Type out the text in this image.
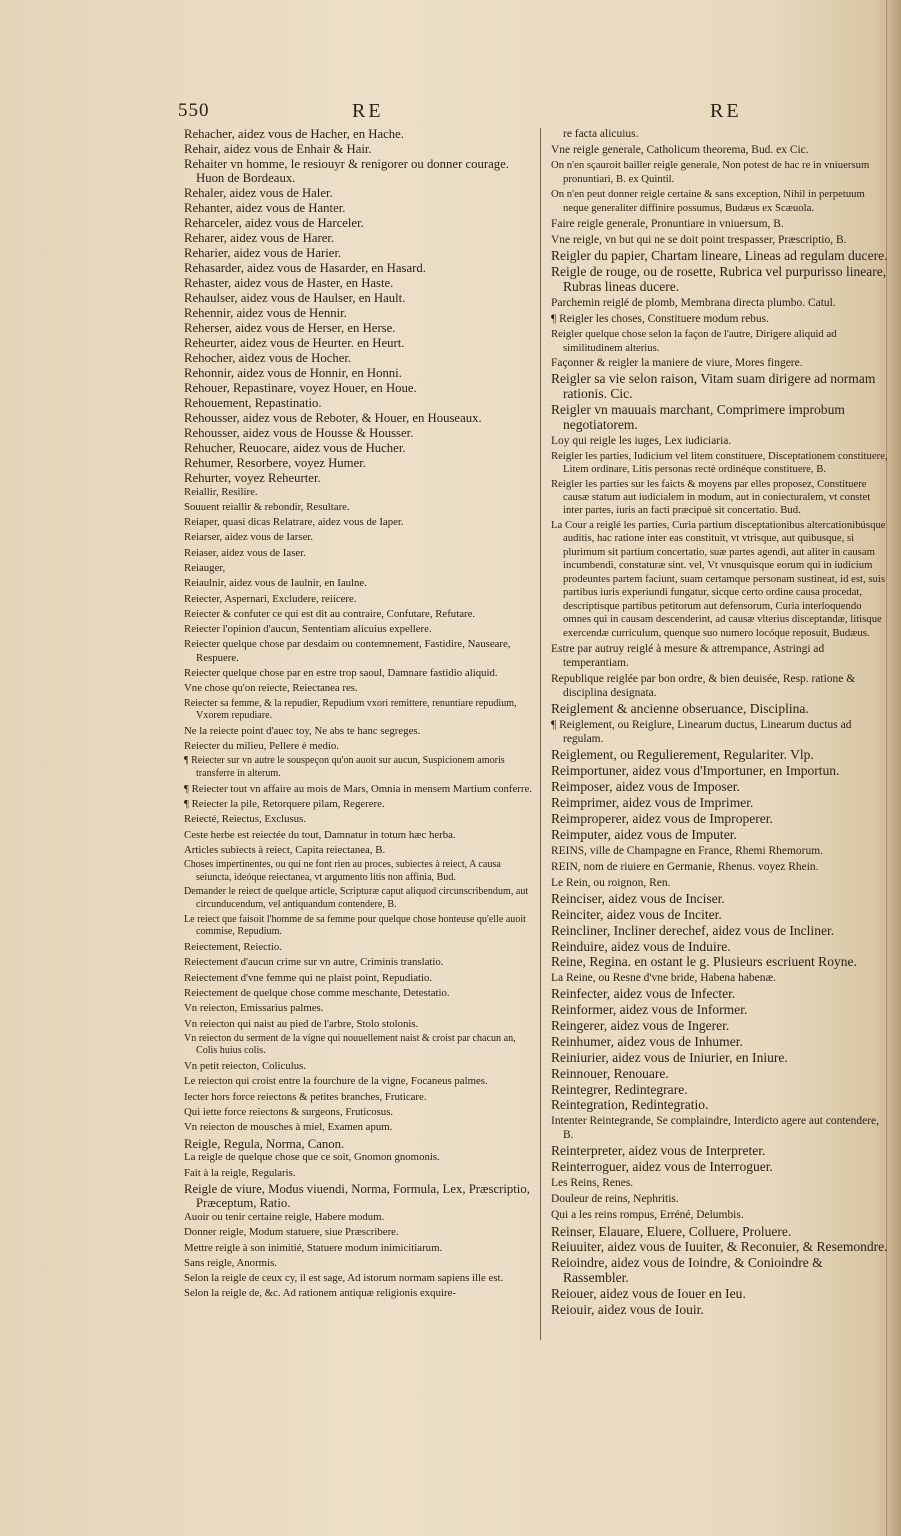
550	RE	RE
Rehacher, aidez vous de Hacher, en Hache.
Rehair, aidez vous de Enhair & Hair.
Rehaiter vn homme, le resiouyr & renigorer ou donner courage. Huon de Bordeaux.
Rehaler, aidez vous de Haler.
Rehanter, aidez vous de Hanter.
Reharceler, aidez vous de Harceler.
Reharer, aidez vous de Harer.
Reharier, aidez vous de Harier.
Rehasarder, aidez vous de Hasarder, en Hasard.
Rehaster, aidez vous de Haster, en Haste.
Rehaulser, aidez vous de Haulser, en Hault.
Rehennir, aidez vous de Hennir.
Reherser, aidez vous de Herser, en Herse.
Reheurter, aidez vous de Heurter. en Heurt.
Rehocher, aidez vous de Hocher.
Rehonnir, aidez vous de Honnir, en Honni.
Rehouer, Repastinare, voyez Houer, en Houe.
Rehouement, Repastinatio.
Rehousser, aidez vous de Reboter, & Houer, en Houseaux.
Rehousser, aidez vous de Housse & Housser.
Rehucher, Reuocare, aidez vous de Hucher.
Rehumer, Resorbere, voyez Humer.
Rehurter, voyez Reheurter.
Reiallir, Resilire.
Souuent reiallir & rebondir, Resultare.
Reiaper, quasi dicas Relatrare, aidez vous de Iaper.
Reiarser, aidez vous de Iarser.
Reiaser, aidez vous de Iaser.
Reiauger,
Reiaulnir, aidez vous de Iaulnir, en Iaulne.
Reiecter, Aspernari, Excludere, reiicere.
Reiecter & confuter ce qui est dit au contraire, Confutare, Refutare.
Reiecter l'opinion d'aucun, Sententiam alicuius expellere.
Reiecter quelque chose par desdaim ou contemnement, Fastidire, Nauseare, Respuere.
Reiecter quelque chose par en estre trop saoul, Damnare fastidio aliquid.
Vne chose qu'on reiecte, Reiectanea res.
Reiecter sa femme, & la repudier, Repudium vxori remittere, renuntiare repudium, Vxorem repudiare.
Ne la reiecte point d'auec toy, Ne abs te hanc segreges.
Reiecter du milieu, Pellere è medio.
¶ Reiecter sur vn autre le souspeçon qu'on auoit sur aucun, Suspicionem amoris transferre in alterum.
¶ Reiecter tout vn affaire au mois de Mars, Omnia in mensem Martium conferre.
¶ Reiecter la pile, Retorquere pilam, Regerere.
Reiecté, Reiectus, Exclusus.
Ceste herbe est reiectée du tout, Damnatur in totum hæc herba.
Articles subiects à reiect, Capita reiectanea, B.
Choses impertinentes, ou qui ne font rien au proces, subiectes à reiect, A causa seiuncta, ideóque reiectanea, vt argumento litis non affinia, Bud.
Demander le reiect de quelque article, Scripturæ caput aliquod circunscribendum, aut circunducendum, vel antiquandum contendere, B.
Le reiect que faisoit l'homme de sa femme pour quelque chose honteuse qu'elle auoit commise, Repudium.
Reiectement, Reiectio.
Reiectement d'aucun crime sur vn autre, Criminis translatio.
Reiectement d'vne femme qui ne plaist point, Repudiatio.
Reiectement de quelque chose comme meschante, Detestatio.
Vn reiecton, Emissarius palmes.
Vn reiecton qui naist au pied de l'arbre, Stolo stolonis.
Vn reiecton du serment de la vigne qui nouuellement naist & croist par chacun an, Colis huius colis.
Vn petit reiecton, Coliculus.
Le reiecton qui croist entre la fourchure de la vigne, Focaneus palmes.
Iecter hors force reiectons & petites branches, Fruticare.
Qui iette force reiectons & surgeons, Fruticosus.
Vn reiecton de mousches à miel, Examen apum.
Reigle, Regula, Norma, Canon.
La reigle de quelque chose que ce soit, Gnomon gnomonis.
Fait à la reigle, Regularis.
Reigle de viure, Modus viuendi, Norma, Formula, Lex, Præscriptio, Præceptum, Ratio.
Auoir ou tenir certaine reigle, Habere modum.
Donner reigle, Modum statuere, siue Præscribere.
Mettre reigle à son inimitié, Statuere modum inimicitiarum.
Sans reigle, Anormis.
Selon la reigle de ceux cy, il est sage, Ad istorum normam sapiens ille est.
Selon la reigle de, &c. Ad rationem antiquæ religionis exquire-
re facta alicuius.
Vne reigle generale, Catholicum theorema, Bud. ex Cic.
On n'en sçauroit bailler reigle generale, Non potest de hac re in vniuersum pronuntiari, B. ex Quintil.
On n'en peut donner reigle certaine & sans exception, Nihil in perpetuum neque generaliter diffinire possumus, Budæus ex Scæuola.
Faire reigle generale, Pronuntiare in vniuersum, B.
Vne reigle, vn but qui ne se doit point trespasser, Præscriptio, B.
Reigler du papier, Chartam lineare, Lineas ad regulam ducere.
Reigle de rouge, ou de rosette, Rubrica vel purpurisso lineare, Rubras lineas ducere.
Parchemin reiglé de plomb, Membrana directa plumbo. Catul.
¶ Reigler les choses, Constituere modum rebus.
Reigler quelque chose selon la façon de l'autre, Dirigere aliquid ad similitudinem alterius.
Façonner & reigler la maniere de viure, Mores fingere.
Reigler sa vie selon raison, Vitam suam dirigere ad normam rationis. Cic.
Reigler vn mauuais marchant, Comprimere improbum negotiatorem.
Loy qui reigle les iuges, Lex iudiciaria.
Reigler les parties, Iudicium vel litem constituere, Disceptationem constituere, Litem ordinare, Litis personas rectè ordinéque constituere, B.
Reigler les parties sur les faicts & moyens par elles proposez, Constituere causæ statum aut iudicialem in modum, aut in coniecturalem, vt constet inter partes, iuris an facti præcipuè sit concertatio. Bud.
La Cour a reiglé les parties, Curia partium disceptationibus altercationibúsque auditis, hac ratione inter eas constituit, vt vtrisque, aut quibusque, si plurimum sit partium concertatio, suæ partes agendi, aut aliter in causam incumbendi, constaturæ sint. vel, Vt vnusquisque eorum qui in iudicium prodeuntes partem faciunt, suam certamque personam sustineat, id est, suis partibus iuris experiundi fungatur, sicque certo ordine causa procedat, descriptisque partibus petitorum aut defensorum, Curia interloquendo omnes qui in causam descenderint, ad causæ vlterius disceptandæ, litisque exercendæ curriculum, quenque suo numero locóque reposuit, Budæus.
Estre par autruy reiglé à mesure & attrempance, Astringi ad temperantiam.
Republique reiglée par bon ordre, & bien deuisée, Resp. ratione & disciplina designata.
Reiglement & ancienne obseruance, Disciplina.
¶ Reiglement, ou Reiglure, Linearum ductus, Linearum ductus ad regulam.
Reiglement, ou Regulierement, Regulariter. Vlp.
Reimportuner, aidez vous d'Importuner, en Importun.
Reimposer, aidez vous de Imposer.
Reimprimer, aidez vous de Imprimer.
Reimproperer, aidez vous de Improperer.
Reimputer, aidez vous de Imputer.
REINS, ville de Champagne en France, Rhemi Rhemorum.
REIN, nom de riuiere en Germanie, Rhenus. voyez Rhein.
Le Rein, ou roignon, Ren.
Reinciser, aidez vous de Inciser.
Reinciter, aidez vous de Inciter.
Reincliner, Incliner derechef, aidez vous de Incliner.
Reinduire, aidez vous de Induire.
Reine, Regina. en ostant le g. Plusieurs escriuent Royne.
La Reine, ou Resne d'vne bride, Habena habenæ.
Reinfecter, aidez vous de Infecter.
Reinformer, aidez vous de Informer.
Reingerer, aidez vous de Ingerer.
Reinhumer, aidez vous de Inhumer.
Reiniurier, aidez vous de Iniurier, en Iniure.
Reinnouer, Renouare.
Reintegrer, Redintegrare.
Reintegration, Redintegratio.
Intenter Reintegrande, Se complaindre, Interdicto agere aut contendere, B.
Reinterpreter, aidez vous de Interpreter.
Reinterroguer, aidez vous de Interroguer.
Les Reins, Renes.
Douleur de reins, Nephritis.
Qui a les reins rompus, Erréné, Delumbis.
Reinser, Elauare, Eluere, Colluere, Proluere.
Reiuuiter, aidez vous de Iuuiter, & Reconuier, & Resemondre.
Reioindre, aidez vous de Ioindre, & Conioindre & Rassembler.
Reiouer, aidez vous de Iouer en Ieu.
Reiouir, aidez vous de Iouir.
